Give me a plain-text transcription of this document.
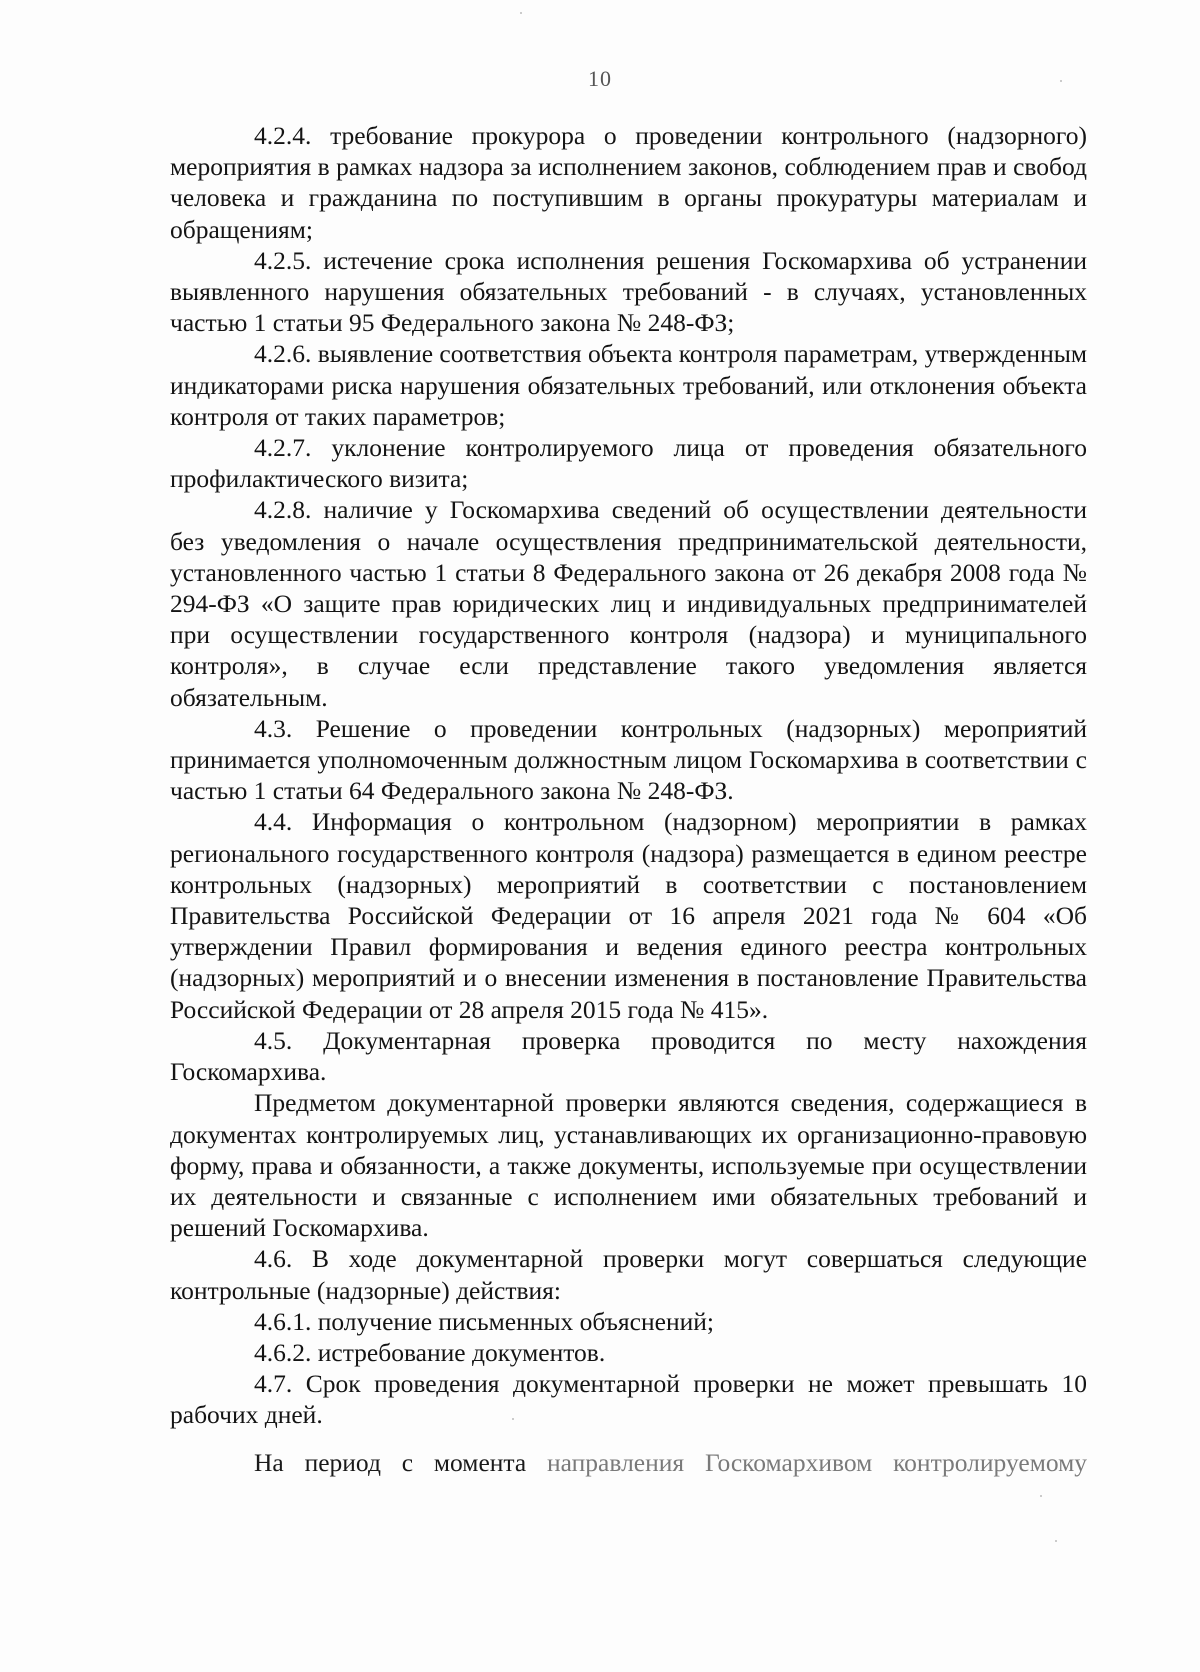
10

4.2.4. требование прокурора о проведении контрольного (надзорного) мероприятия в рамках надзора за исполнением законов, соблюдением прав и свобод человека и гражданина по поступившим в органы прокуратуры материалам и обращениям;

4.2.5. истечение срока исполнения решения Госкомархива об устранении выявленного нарушения обязательных требований - в случаях, установленных частью 1 статьи 95 Федерального закона № 248-ФЗ;

4.2.6. выявление соответствия объекта контроля параметрам, утвержденным индикаторами риска нарушения обязательных требований, или отклонения объекта контроля от таких параметров;

4.2.7. уклонение контролируемого лица от проведения обязательного профилактического визита;

4.2.8. наличие у Госкомархива сведений об осуществлении деятельности без уведомления о начале осуществления предпринимательской деятельности, установленного частью 1 статьи 8 Федерального закона от 26 декабря 2008 года № 294-ФЗ «О защите прав юридических лиц и индивидуальных предпринимателей при осуществлении государственного контроля (надзора) и муниципального контроля», в случае если представление такого уведомления является обязательным.

4.3. Решение о проведении контрольных (надзорных) мероприятий принимается уполномоченным должностным лицом Госкомархива в соответствии с частью 1 статьи 64 Федерального закона № 248-ФЗ.

4.4. Информация о контрольном (надзорном) мероприятии в рамках регионального государственного контроля (надзора) размещается в едином реестре контрольных (надзорных) мероприятий в соответствии с постановлением Правительства Российской Федерации от 16 апреля 2021 года № 604 «Об утверждении Правил формирования и ведения единого реестра контрольных (надзорных) мероприятий и о внесении изменения в постановление Правительства Российской Федерации от 28 апреля 2015 года № 415».

4.5. Документарная проверка проводится по месту нахождения Госкомархива.

Предметом документарной проверки являются сведения, содержащиеся в документах контролируемых лиц, устанавливающих их организационно-правовую форму, права и обязанности, а также документы, используемые при осуществлении их деятельности и связанные с исполнением ими обязательных требований и решений Госкомархива.

4.6. В ходе документарной проверки могут совершаться следующие контрольные (надзорные) действия:

4.6.1. получение письменных объяснений;

4.6.2. истребование документов.

4.7. Срок проведения документарной проверки не может превышать 10 рабочих дней.

На период с момента направления Госкомархивом контролируемому
